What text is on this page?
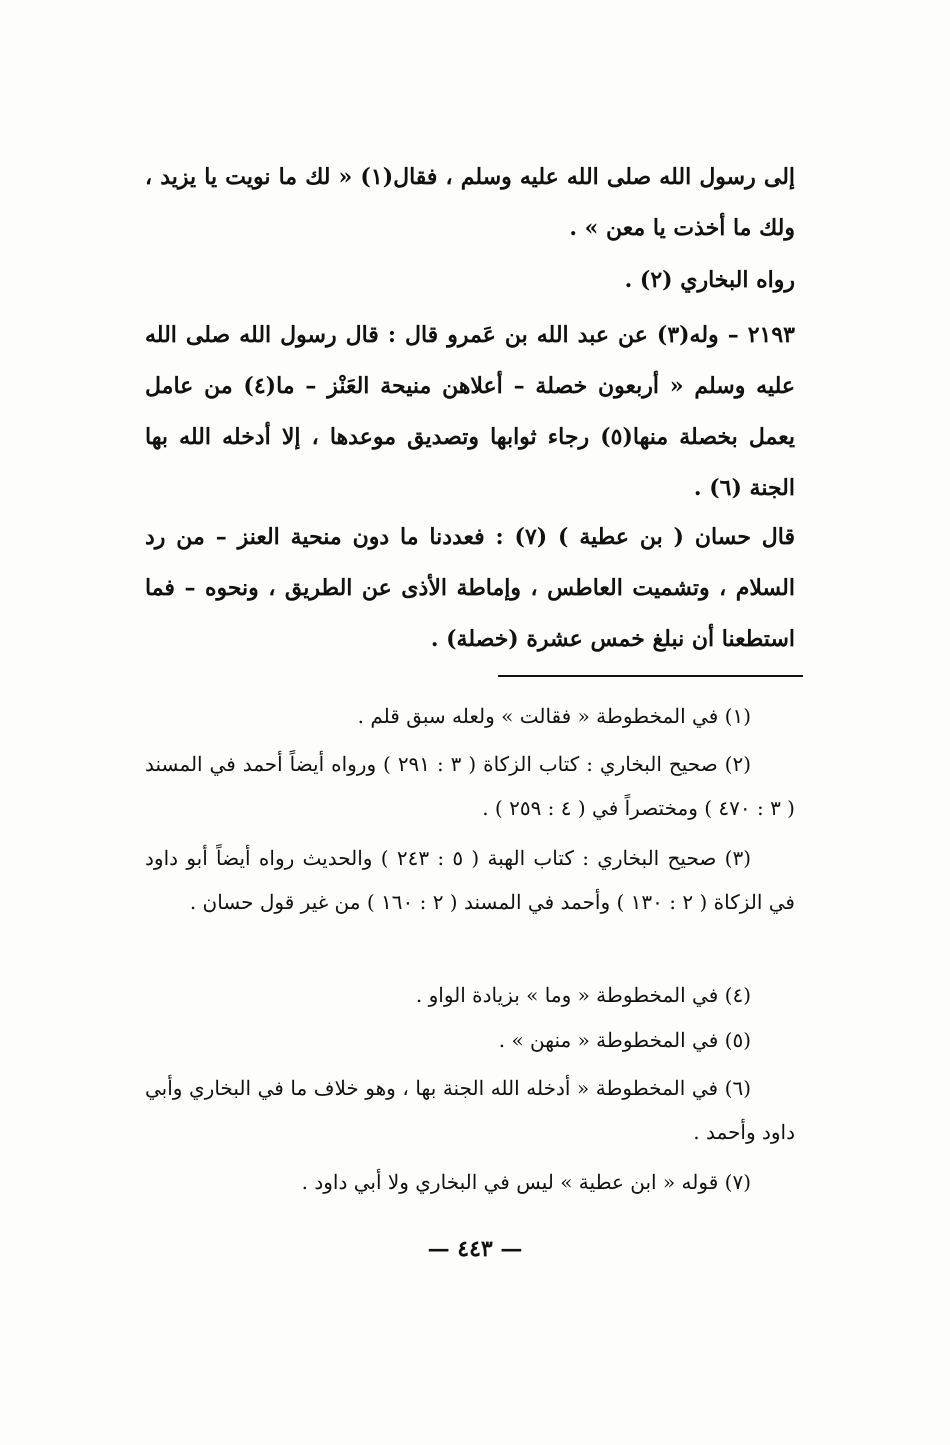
إلى رسول الله صلى الله عليه وسلم ، فقال(١) « لك ما نويت يا يزيد ، ولك ما أخذت يا معن » .

رواه البخاري (٢) .

٢١٩٣ – وله(٣) عن عبد الله بن عَمرو قال : قال رسول الله صلى الله عليه وسلم « أربعون خصلة – أعلاهن منيحة العَنْز – ما(٤) من عامل يعمل بخصلة منها(٥) رجاء ثوابها وتصديق موعدها ، إلا أدخله الله بها الجنة (٦) .

قال حسان ( بن عطية ) (٧) : فعددنا ما دون منحية العنز – من رد السلام ، وتشميت العاطس ، وإماطة الأذى عن الطريق ، ونحوه – فما استطعنا أن نبلغ خمس عشرة (خصلة) .

(١) في المخطوطة « فقالت » ولعله سبق قلم .

(٢) صحيح البخاري : كتاب الزكاة ( ٣ : ٢٩١ ) ورواه أيضاً أحمد في المسند ( ٣ : ٤٧٠ ) ومختصراً في ( ٤ : ٢٥٩ ) .

(٣) صحيح البخاري : كتاب الهبة ( ٥ : ٢٤٣ ) والحديث رواه أيضاً أبو داود في الزكاة ( ٢ : ١٣٠ ) وأحمد في المسند ( ٢ : ١٦٠ ) من غير قول حسان .

(٤) في المخطوطة « وما » بزيادة الواو .

(٥) في المخطوطة « منهن » .

(٦) في المخطوطة « أدخله الله الجنة بها ، وهو خلاف ما في البخاري وأبي داود وأحمد .

(٧) قوله « ابن عطية » ليس في البخاري ولا أبي داود .

— ٤٤٣ —
